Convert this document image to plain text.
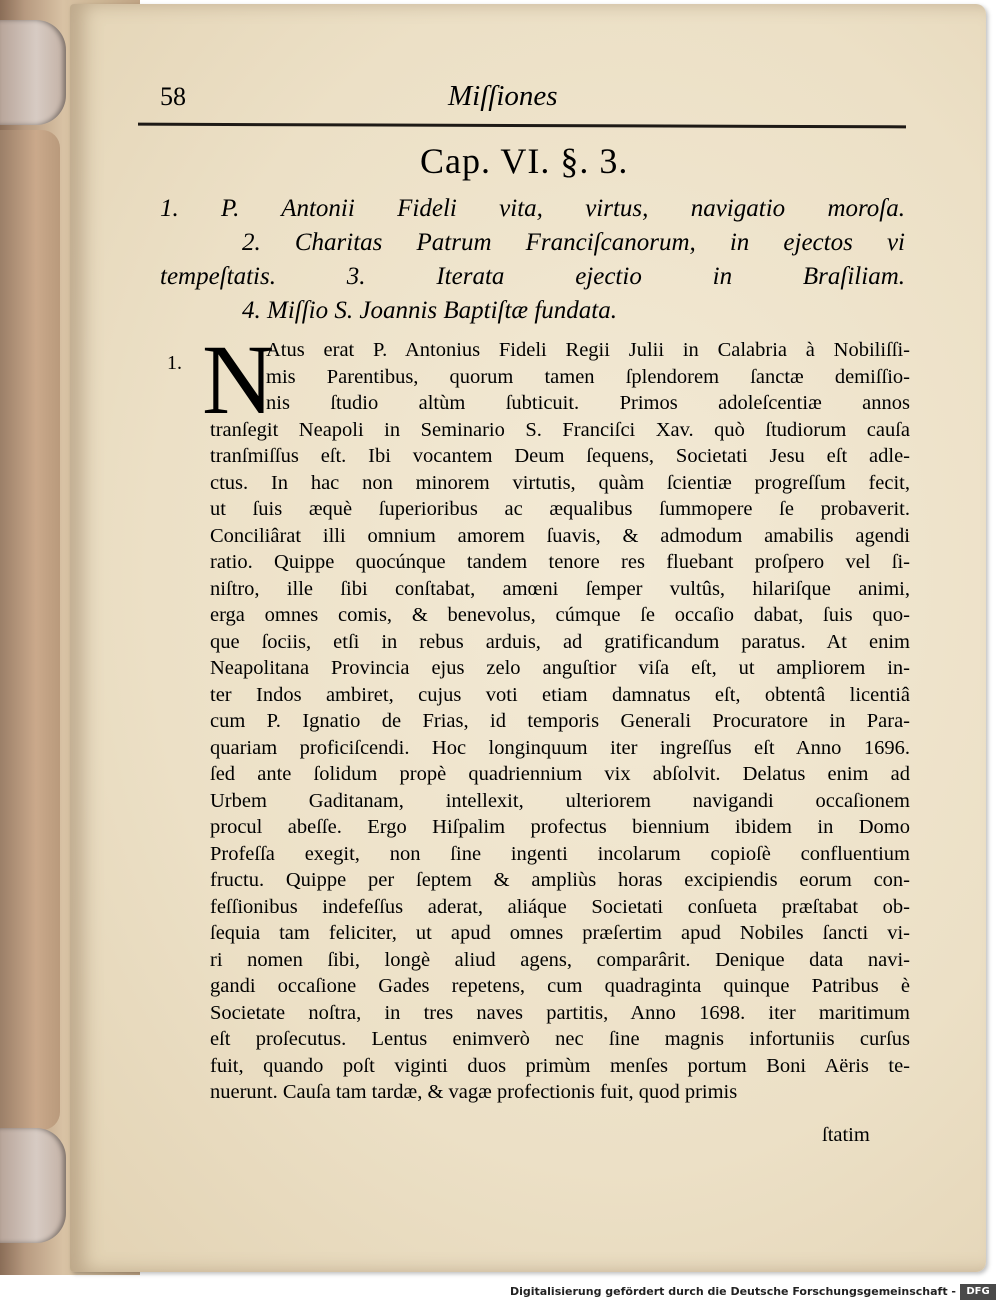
58	Miſſiones
Cap. VI. §. 3.
1. P. Antonii Fideli vita, virtus, navigatio moroſa.
2. Charitas Patrum Franciſcanorum, in ejectos vi
tempeſtatis. 3. Iterata ejectio in Braſiliam.
4. Miſſio S. Joannis Baptiſtæ fundata.
1. N
Atus erat P. Antonius Fideli Regii Julii in Calabria à Nobiliſſi-
mis Parentibus, quorum tamen ſplendorem ſanctæ demiſſio-
nis ſtudio altùm ſubticuit. Primos adoleſcentiæ annos
tranſegit Neapoli in Seminario S. Franciſci Xav. quò ſtudiorum cauſa
tranſmiſſus eſt. Ibi vocantem Deum ſequens, Societati Jesu eſt adle-
ctus. In hac non minorem virtutis, quàm ſcientiæ progreſſum fecit,
ut ſuis æquè ſuperioribus ac æqualibus ſummopere ſe probaverit.
Conciliârat illi omnium amorem ſuavis, & admodum amabilis agendi
ratio. Quippe quocúnque tandem tenore res fluebant proſpero vel ſi-
niſtro, ille ſibi conſtabat, amœni ſemper vultûs, hilariſque animi,
erga omnes comis, & benevolus, cúmque ſe occaſio dabat, ſuis quo-
que ſociis, etſi in rebus arduis, ad gratificandum paratus. At enim
Neapolitana Provincia ejus zelo anguſtior viſa eſt, ut ampliorem in-
ter Indos ambiret, cujus voti etiam damnatus eſt, obtentâ licentiâ
cum P. Ignatio de Frias, id temporis Generali Procuratore in Para-
quariam proficiſcendi. Hoc longinquum iter ingreſſus eſt Anno 1696.
ſed ante ſolidum propè quadriennium vix abſolvit. Delatus enim ad
Urbem Gaditanam, intellexit, ulteriorem navigandi occaſionem
procul abeſſe. Ergo Hiſpalim profectus biennium ibidem in Domo
Profeſſa exegit, non ſine ingenti incolarum copioſè confluentium
fructu. Quippe per ſeptem & ampliùs horas excipiendis eorum con-
feſſionibus indefeſſus aderat, aliáque Societati conſueta præſtabat ob-
ſequia tam feliciter, ut apud omnes præſertim apud Nobiles ſancti vi-
ri nomen ſibi, longè aliud agens, comparârit. Denique data navi-
gandi occaſione Gades repetens, cum quadraginta quinque Patribus è
Societate noſtra, in tres naves partitis, Anno 1698. iter maritimum
eſt proſecutus. Lentus enimverò nec ſine magnis infortuniis curſus
fuit, quando poſt viginti duos primùm menſes portum Boni Aëris te-
nuerunt. Cauſa tam tardæ, & vagæ profectionis fuit, quod primis
ſtatim
Digitalisierung gefördert durch die Deutsche Forschungsgemeinschaft -	DFG
